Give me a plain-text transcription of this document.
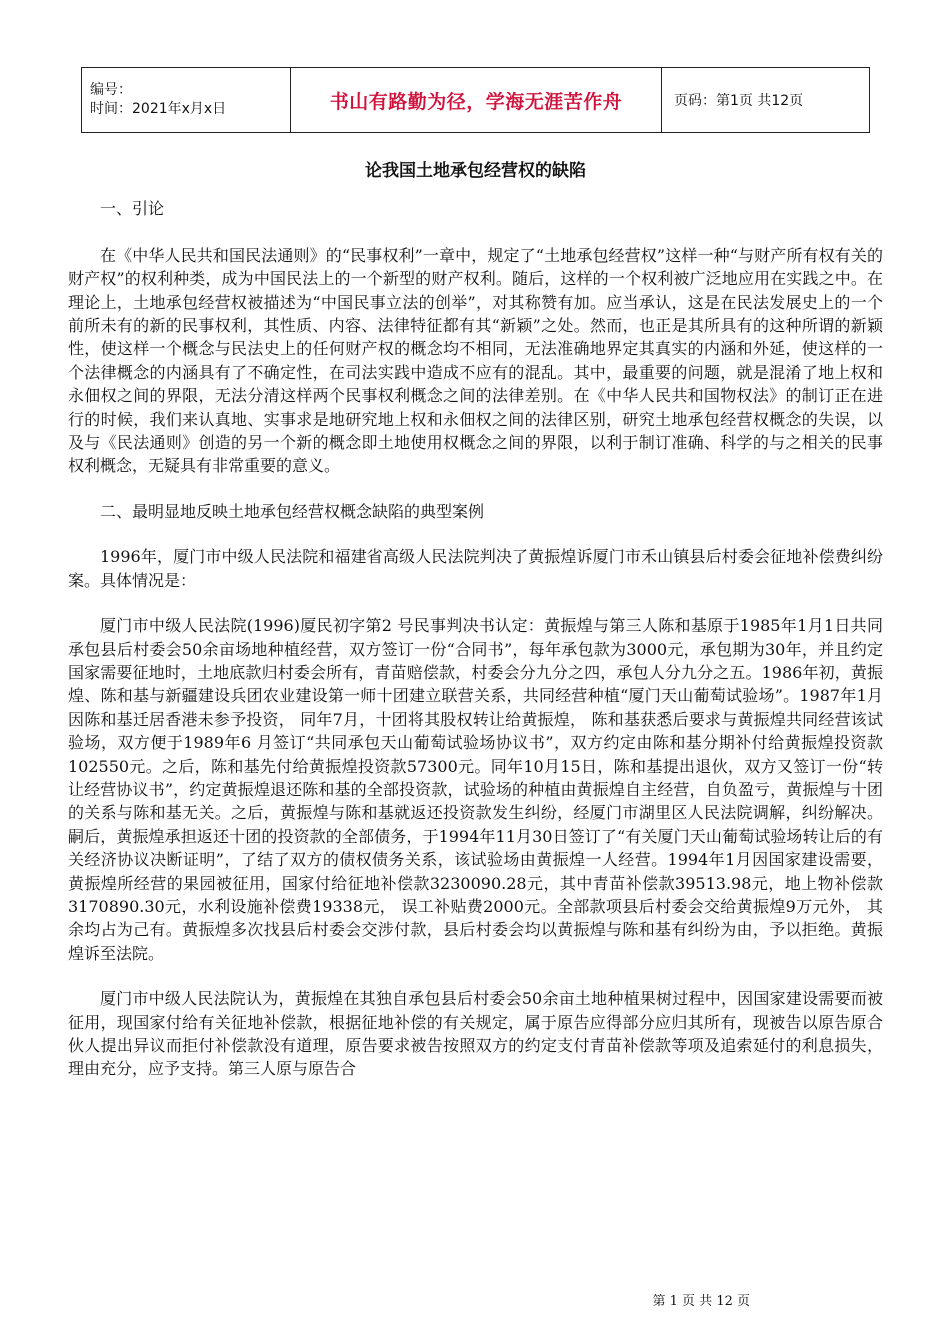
编号：
时间：2021年x月x日	书山有路勤为径，学海无涯苦作舟	页码：第1页 共12页

论我国土地承包经营权的缺陷

一、引论

在《中华人民共和国民法通则》的“民事权利”一章中，规定了“土地承包经营权”这样一种“与财产所有权有关的财产权”的权利种类，成为中国民法上的一个新型的财产权利。随后，这样的一个权利被广泛地应用在实践之中。在理论上，土地承包经营权被描述为“中国民事立法的创举”，对其称赞有加。应当承认，这是在民法发展史上的一个前所未有的新的民事权利，其性质、内容、法律特征都有其“新颖”之处。然而，也正是其所具有的这种所谓的新颖性，使这样一个概念与民法史上的任何财产权的概念均不相同，无法准确地界定其真实的内涵和外延，使这样的一个法律概念的内涵具有了不确定性，在司法实践中造成不应有的混乱。其中，最重要的问题，就是混淆了地上权和永佃权之间的界限，无法分清这样两个民事权利概念之间的法律差别。在《中华人民共和国物权法》的制订正在进行的时候，我们来认真地、实事求是地研究地上权和永佃权之间的法律区别，研究土地承包经营权概念的失误，以及与《民法通则》创造的另一个新的概念即土地使用权概念之间的界限，以利于制订准确、科学的与之相关的民事权利概念，无疑具有非常重要的意义。

二、最明显地反映土地承包经营权概念缺陷的典型案例

1996年，厦门市中级人民法院和福建省高级人民法院判决了黄振煌诉厦门市禾山镇县后村委会征地补偿费纠纷案。具体情况是：

厦门市中级人民法院(1996)厦民初字第2 号民事判决书认定：黄振煌与第三人陈和基原于1985年1月1日共同承包县后村委会50余亩场地种植经营，双方签订一份“合同书”，每年承包款为3000元，承包期为30年，并且约定国家需要征地时，土地底款归村委会所有，青苗赔偿款，村委会分九分之四，承包人分九分之五。1986年初，黄振煌、陈和基与新疆建设兵团农业建设第一师十团建立联营关系，共同经营种植“厦门天山葡萄试验场”。1987年1月因陈和基迁居香港未参予投资， 同年7月，十团将其股权转让给黄振煌， 陈和基获悉后要求与黄振煌共同经营该试验场，双方便于1989年6 月签订“共同承包天山葡萄试验场协议书”，双方约定由陈和基分期补付给黄振煌投资款102550元。之后，陈和基先付给黄振煌投资款57300元。同年10月15日，陈和基提出退伙，双方又签订一份“转让经营协议书”，约定黄振煌退还陈和基的全部投资款，试验场的种植由黄振煌自主经营，自负盈亏，黄振煌与十团的关系与陈和基无关。之后，黄振煌与陈和基就返还投资款发生纠纷，经厦门市湖里区人民法院调解，纠纷解决。嗣后，黄振煌承担返还十团的投资款的全部债务，于1994年11月30日签订了“有关厦门天山葡萄试验场转让后的有关经济协议决断证明”，了结了双方的债权债务关系，该试验场由黄振煌一人经营。1994年1月因国家建设需要， 黄振煌所经营的果园被征用，国家付给征地补偿款3230090.28元，其中青苗补偿款39513.98元，地上物补偿款3170890.30元，水利设施补偿费19338元， 误工补贴费2000元。全部款项县后村委会交给黄振煌9万元外， 其余均占为己有。黄振煌多次找县后村委会交涉付款，县后村委会均以黄振煌与陈和基有纠纷为由，予以拒绝。黄振煌诉至法院。

厦门市中级人民法院认为，黄振煌在其独自承包县后村委会50余亩土地种植果树过程中，因国家建设需要而被征用，现国家付给有关征地补偿款，根据征地补偿的有关规定，属于原告应得部分应归其所有，现被告以原告原合伙人提出异议而拒付补偿款没有道理，原告要求被告按照双方的约定支付青苗补偿款等项及追索延付的利息损失，理由充分，应予支持。第三人原与原告合

第 1 页 共 12 页
